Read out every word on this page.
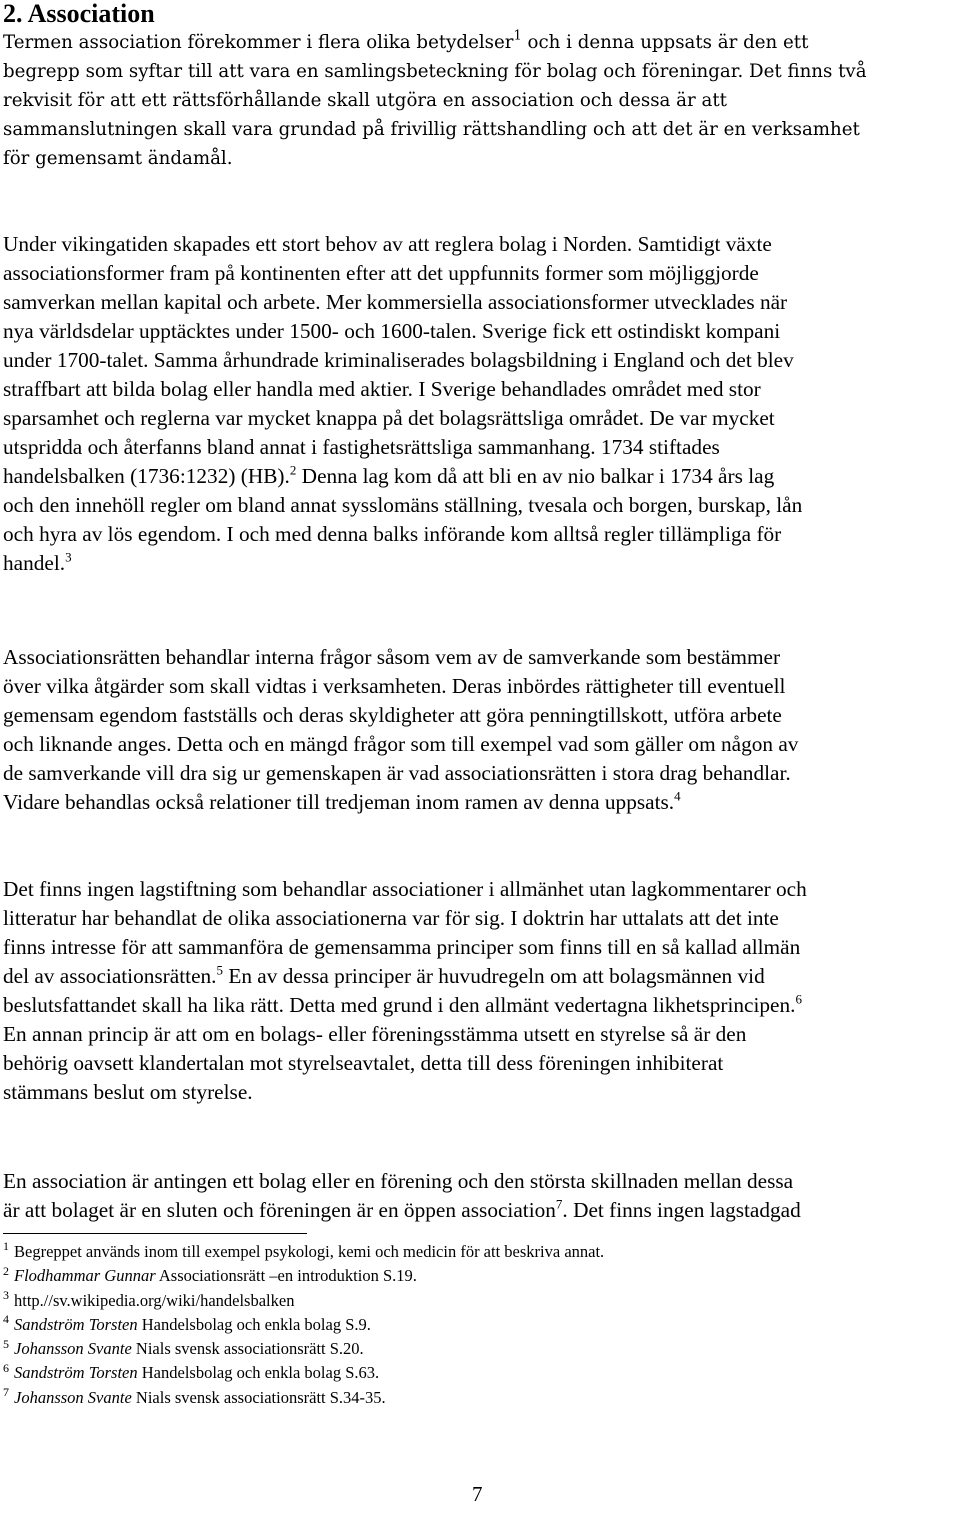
2. Association
Termen association förekommer i flera olika betydelser$^1$ och i denna uppsats är den ett
begrepp som syftar till att vara en samlingsbeteckning för bolag och föreningar. Det finns två
rekvisit för att ett rättsförhållande skall utgöra en association och dessa är att
sammanslutningen skall vara grundad på frivillig rättshandling och att det är en verksamhet
för gemensamt ändamål.
Under vikingatiden skapades ett stort behov av att reglera bolag i Norden. Samtidigt växte
associationsformer fram på kontinenten efter att det uppfunnits former som möjliggjorde
samverkan mellan kapital och arbete. Mer kommersiella associationsformer utvecklades när
nya världsdelar upptäcktes under 1500- och 1600-talen. Sverige fick ett ostindiskt kompani
under 1700-talet. Samma århundrade kriminaliserades bolagsbildning i England och det blev
straffbart att bilda bolag eller handla med aktier. I Sverige behandlades området med stor
sparsamhet och reglerna var mycket knappa på det bolagsrättsliga området. De var mycket
utspridda och återfanns bland annat i fastighetsrättsliga sammanhang. 1734 stiftades
handelsbalken (1736:1232) (HB).$^2$ Denna lag kom då att bli en av nio balkar i 1734 års lag
och den innehöll regler om bland annat sysslomäns ställning, tvesala och borgen, burskap, lån
och hyra av lös egendom. I och med denna balks införande kom alltså regler tillämpliga för
handel.$^3$
Associationsrätten behandlar interna frågor såsom vem av de samverkande som bestämmer
över vilka åtgärder som skall vidtas i verksamheten. Deras inbördes rättigheter till eventuell
gemensam egendom fastställs och deras skyldigheter att göra penningtillskott, utföra arbete
och liknande anges. Detta och en mängd frågor som till exempel vad som gäller om någon av
de samverkande vill dra sig ur gemenskapen är vad associationsrätten i stora drag behandlar.
Vidare behandlas också relationer till tredjeman inom ramen av denna uppsats.$^4$
Det finns ingen lagstiftning som behandlar associationer i allmänhet utan lagkommentarer och
litteratur har behandlat de olika associationerna var för sig. I doktrin har uttalats att det inte
finns intresse för att sammanföra de gemensamma principer som finns till en så kallad allmän
del av associationsrätten.$^5$ En av dessa principer är huvudregeln om att bolagsmännen vid
beslutsfattandet skall ha lika rätt. Detta med grund i den allmänt vedertagna likhetsprincipen.$^6$
En annan princip är att om en bolags- eller föreningsstämma utsett en styrelse så är den
behörig oavsett klandertalan mot styrelseavtalet, detta till dess föreningen inhibiterat
stämmans beslut om styrelse.
En association är antingen ett bolag eller en förening och den största skillnaden mellan dessa
är att bolaget är en sluten och föreningen är en öppen association$^7$. Det finns ingen lagstadgad
$^1$ Begreppet används inom till exempel psykologi, kemi och medicin för att beskriva annat.
$^2$ Flodhammar Gunnar Associationsrätt –en introduktion S.19.
$^3$ http.//sv.wikipedia.org/wiki/handelsbalken
$^4$ Sandström Torsten Handelsbolag och enkla bolag S.9.
$^5$ Johansson Svante Nials svensk associationsrätt S.20.
$^6$ Sandström Torsten Handelsbolag och enkla bolag S.63.
$^7$ Johansson Svante Nials svensk associationsrätt S.34-35.
7
